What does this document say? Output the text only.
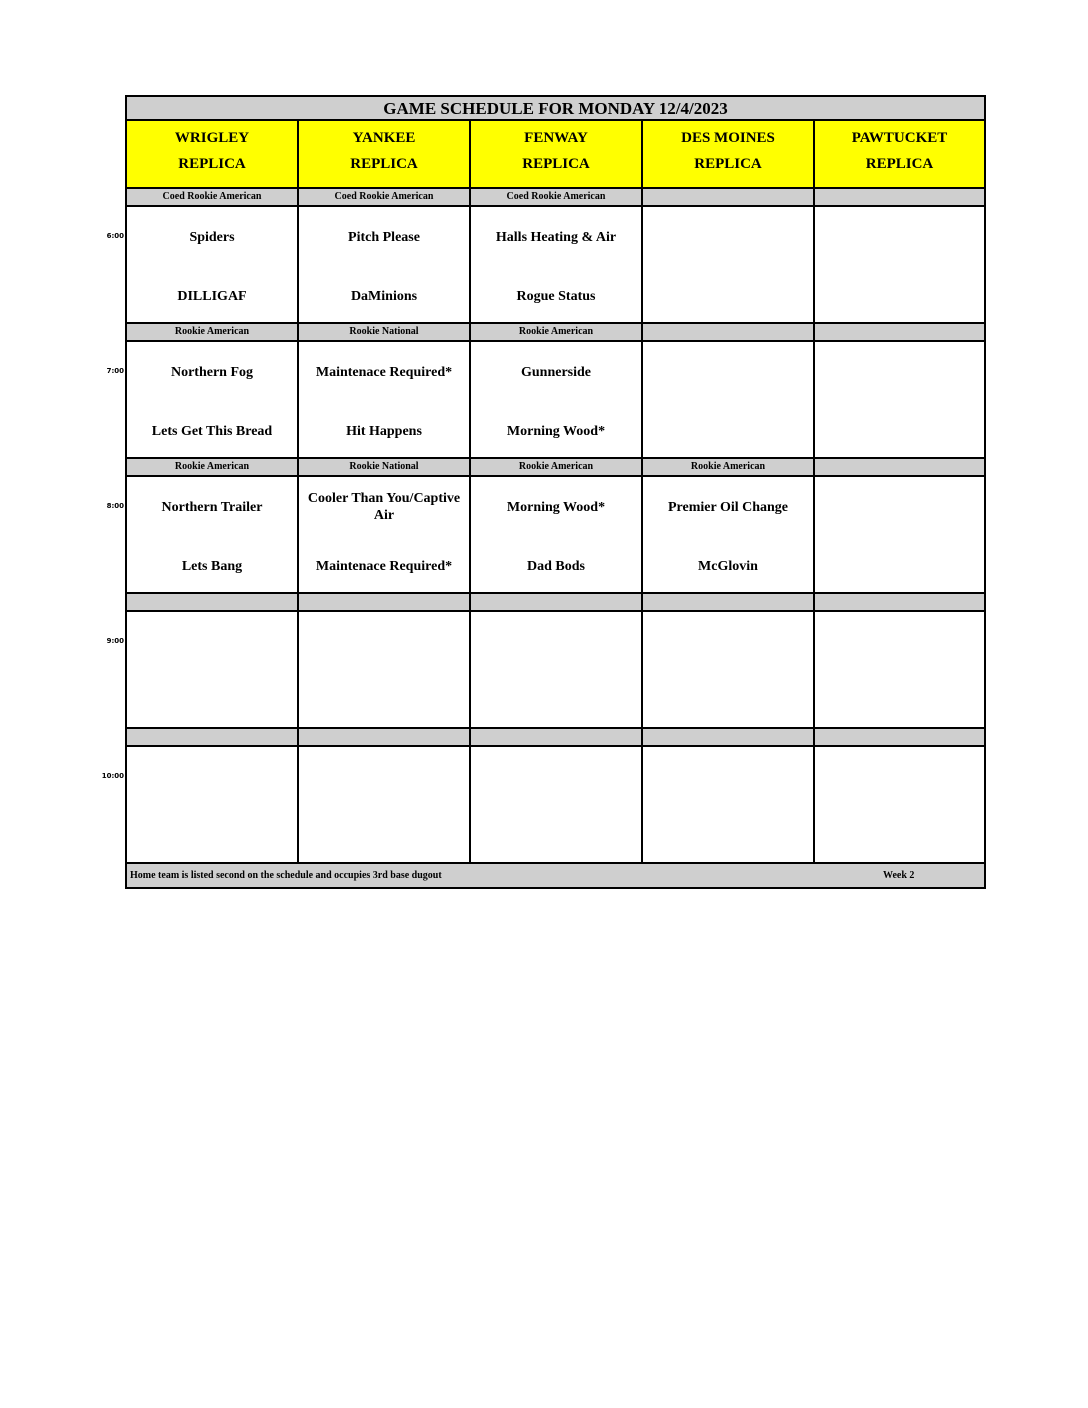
GAME SCHEDULE FOR MONDAY 12/4/2023
WRIGLEY
REPLICA
YANKEE
REPLICA
FENWAY
REPLICA
DES MOINES
REPLICA
PAWTUCKET
REPLICA
Coed Rookie American
Spiders
DILLIGAF
Coed Rookie American
Pitch Please
DaMinions
Coed Rookie American
Halls Heating & Air
Rogue Status
Rookie American
Northern Fog
Lets Get This Bread
Rookie National
Maintenace Required*
Hit Happens
Rookie American
Gunnerside
Morning Wood*
Rookie American
Northern Trailer
Lets Bang
Rookie National
Cooler Than You/Captive Air
Maintenace Required*
Rookie American
Morning Wood*
Dad Bods
Rookie American
Premier Oil Change
McGlovin
Home team is listed second on the schedule and occupies 3rd base dugout	Week 2
6:00
7:00
8:00
9:00
10:00
